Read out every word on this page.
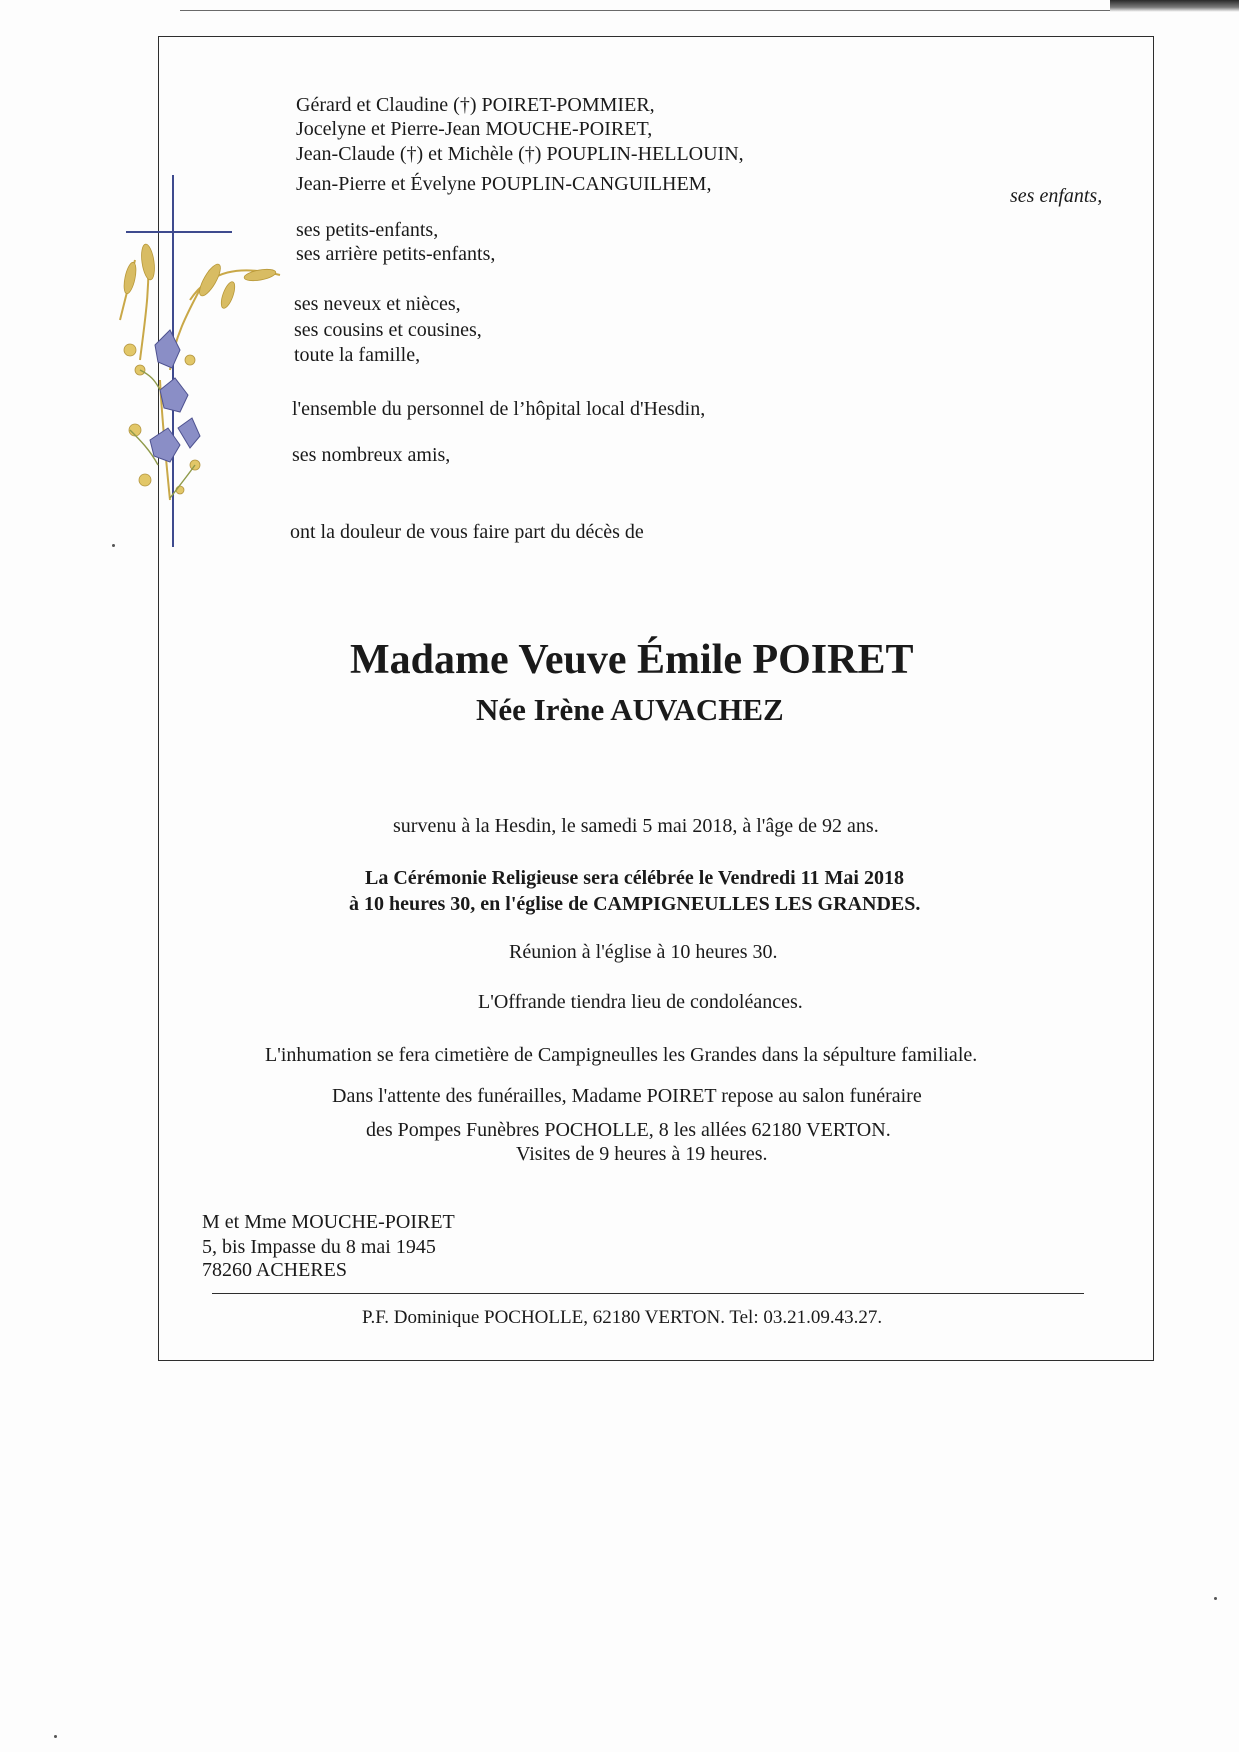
Gérard et Claudine (†) POIRET-POMMIER,
Jocelyne et Pierre-Jean MOUCHE-POIRET,
Jean-Claude (†) et Michèle (†) POUPLIN-HELLOUIN,
Jean-Pierre et Évelyne POUPLIN-CANGUILHEM,
ses enfants,
ses petits-enfants,
ses arrière petits-enfants,
ses neveux et nièces,
ses cousins et cousines,
toute la famille,
l'ensemble du personnel de l’hôpital local d'Hesdin,
ses nombreux amis,
ont la douleur de vous faire part du décès de
Madame Veuve Émile POIRET
Née Irène AUVACHEZ
survenu à la Hesdin, le samedi 5 mai 2018, à l'âge de 92 ans.
La Cérémonie Religieuse sera célébrée le Vendredi 11 Mai 2018
à 10 heures 30, en l'église de CAMPIGNEULLES LES GRANDES.
Réunion à l'église à 10 heures 30.
L'Offrande tiendra lieu de condoléances.
L'inhumation se fera cimetière de Campigneulles les Grandes dans la sépulture familiale.
Dans l'attente des funérailles, Madame POIRET repose au salon funéraire
des Pompes Funèbres POCHOLLE, 8 les allées 62180 VERTON.
Visites de 9 heures à 19 heures.
M et Mme MOUCHE-POIRET
5, bis Impasse du 8 mai 1945
78260 ACHERES
P.F. Dominique POCHOLLE, 62180 VERTON. Tel: 03.21.09.43.27.
